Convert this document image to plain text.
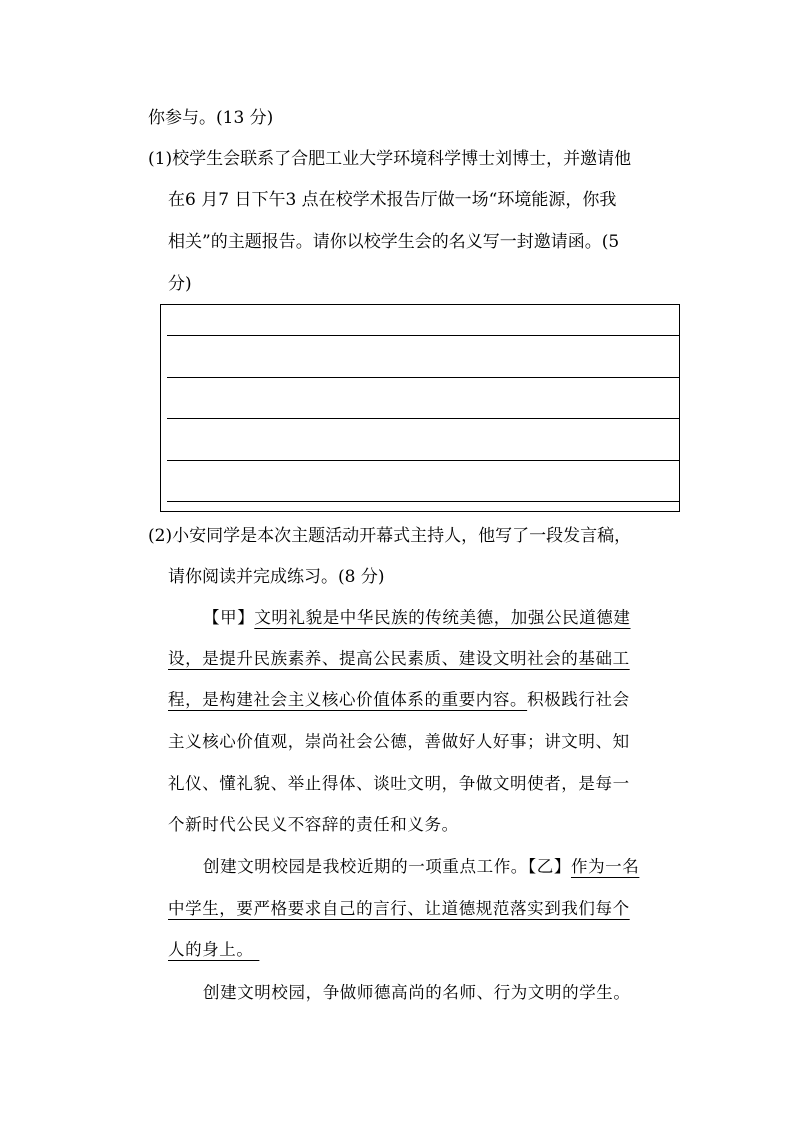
你参与。(13 分)
(1)校学生会联系了合肥工业大学环境科学博士刘博士，并邀请他
在6 月7 日下午3 点在校学术报告厅做一场“环境能源，你我
相关”的主题报告。请你以校学生会的名义写一封邀请函。(5
分)
(2)小安同学是本次主题活动开幕式主持人，他写了一段发言稿，
请你阅读并完成练习。(8 分)
【甲】文明礼貌是中华民族的传统美德，加强公民道德建
设，是提升民族素养、提高公民素质、建设文明社会的基础工
程，是构建社会主义核心价值体系的重要内容。积极践行社会
主义核心价值观，崇尚社会公德，善做好人好事；讲文明、知
礼仪、懂礼貌、举止得体、谈吐文明，争做文明使者，是每一
个新时代公民义不容辞的责任和义务。
创建文明校园是我校近期的一项重点工作。【乙】作为一名
中学生，要严格要求自己的言行、让道德规范落实到我们每个
人的身上。
创建文明校园，争做师德高尚的名师、行为文明的学生。
